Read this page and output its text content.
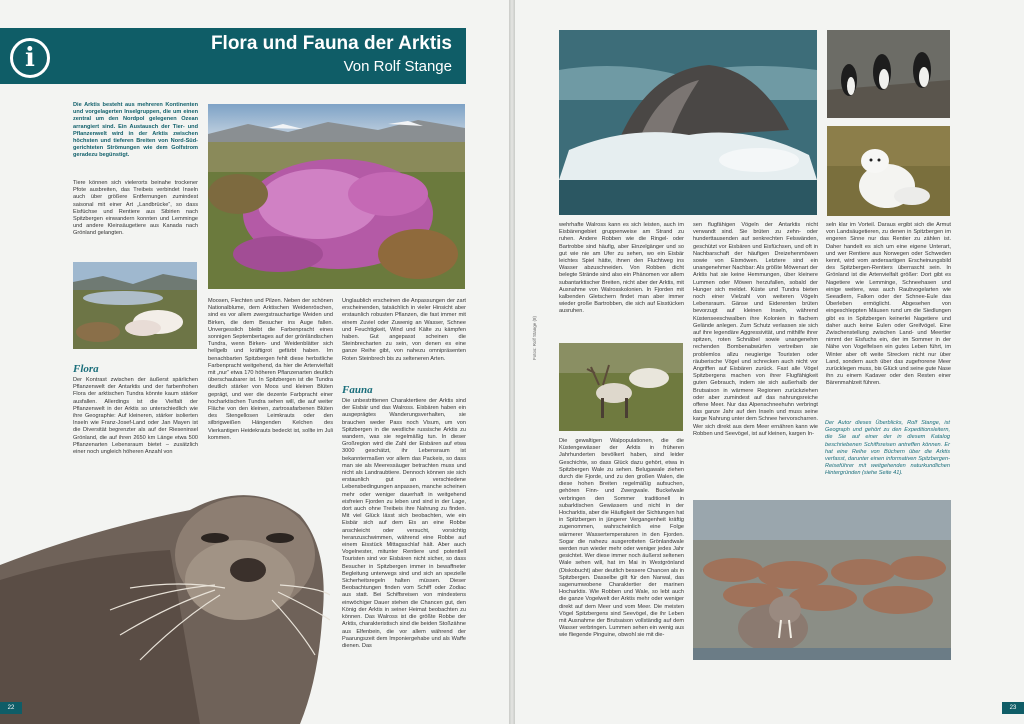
i	Flora und Fauna der Arktis
Von Rolf Stange
Die Arktis besteht aus mehreren Kontinenten und vorgelagerten Inselgruppen, die um einen zentral um den Nordpol gelegenen Ozean arrangiert sind. Ein Austausch der Tier- und Pflanzenwelt wird in der Arktis zwischen höchsten und tieferen Breiten von Nord-Süd-gerichteten Strömungen wie dem Golfstrom geradezu begünstigt.
Tiere können sich vielerorts beinahe trockener Pfote ausbreiten, das Treibeis verbindet Inseln auch über größere Entfernungen zumindest saisonal mit einer Art „Landbrücke“, so dass Eisfüchse und Rentiere aus Sibirien nach Spitzbergen einwandern konnten und Lemminge und andere Kleinsäugetiere aus Kanada nach Grönland gelangten.
Flora
Der Kontrast zwischen der äußerst spärlichen Pflanzenwelt der Antarktis und der farbenfrohen Flora der arktischen Tundra könnte kaum stärker ausfallen. Allerdings ist die Vielfalt der Pflanzenwelt in der Arktis so unterschiedlich wie ihre Geographie: Auf kleineren, stärker isolierten Inseln wie Franz-Josef-Land oder Jan Mayen ist die Diversität begrenzter als auf der Rieseninsel Grönland, die auf ihren 2650 km Länge etwa 500 Pflanzenarten Lebensraum bietet – zusätzlich einer noch ungleich höheren Anzahl von
Moosen, Flechten und Pilzen. Neben der schönen Nationalblume, dem Arktischen Weidenröschen, sind es vor allem zwergstrauchartige Weiden und Birken, die dem Besucher ins Auge fallen. Unvergesslich bleibt die Farbenpracht eines sonnigen Septembertages auf der grönländischen Tundra, wenn Birken- und Weidenblätter sich hellgelb und kräftigrot gefärbt haben. Im benachbarten Spitzbergen fehlt diese herbstliche Farbenpracht weitgehend, da hier die Artenvielfalt mit „nur“ etwa 170 höheren Pflanzenarten deutlich überschaubarer ist. In Spitzbergen ist die Tundra deutlich stärker von Moos und kleinen Blüten geprägt, und wer die dezente Farbpracht einer hocharktischen Tundra sehen will, die auf weiter Fläche von den kleinen, zartrosafarbenen Blüten des Stengellosen Leimkrauts oder den silbrigweißen Hängenden Kelchen des Vierkantigen Heidekrauts bedeckt ist, sollte im Juli kommen.
Unglaublich erscheinen die Anpassungen der zart erscheinenden, tatsächlich in vieler Hinsicht aber erstaunlich robusten Pflanzen, die fast immer mit einem Zuviel oder Zuwenig an Wasser, Schnee und Feuchtigkeit, Wind und Kälte zu kämpfen haben. Gut angepasst scheinen die Steinbrecharten zu sein, von denen es eine ganze Reihe gibt, von nahezu omnipräsenten Roten Steinbrech bis zu selteneren Arten.
Fauna
Die unbestrittenen Charaktertiere der Arktis sind der Eisbär und das Walross. Eisbären haben ein ausgeprägtes Wanderungsverhalten, sie brauchen weder Pass noch Visum, um von Spitzbergen in die westliche russische Arktis zu wandern, was sie regelmäßig tun. In dieser Großregion wird die Zahl der Eisbären auf etwa 3000 geschätzt, ihr Lebensraum ist bekanntermaßen vor allem das Packeis, so dass man sie als Meeressäuger betrachten muss und nicht als Landraubtiere. Dennoch können sie sich erstaunlich gut an verschiedene Lebensbedingungen anpassen, manche scheinen mehr oder weniger dauerhaft in weitgehend eisfreien Fjorden zu leben und sind in der Lage, dort auch ohne Treibeis ihre Nahrung zu finden. Mit viel Glück lässt sich beobachten, wie ein Eisbär sich auf dem Eis an eine Robbe anschleicht oder versucht, vorsichtig heranzuschwimmen, während eine Robbe auf einem Eisstück Mittagsschlaf hält. Aber auch Vogelnester, mitunter Rentiere und potentiell Touristen sind vor Eisbären nicht sicher, so dass Besucher in Spitzbergen immer in bewaffneter Begleitung unterwegs sind und sich an spezielle Sicherheitsregeln halten müssen. Dieser Beobachtungen finden vom Schiff oder Zodiac aus statt. Bei Schiffsreisen von mindestens einwöchiger Dauer stehen die Chancen gut, den König der Arktis in seiner Heimat beobachten zu können. Das Walross ist die größte Robbe der Arktis, charakteristisch sind die beiden Stoßzähne aus Elfenbein, die vor allem während der Paarungszeit dem Imponiergehabe und als Waffe dienen. Das
22
Fotos: Rolf Stange (8)
wehrhafte Walross kann es sich leisten, auch im Eisbärengebiet gruppenweise am Strand zu ruhen. Andere Robben wie die Ringel- oder Bartrobbe sind häufig, aber Einzelgänger und so gut wie nie am Ufer zu sehen, wo ein Eisbär leichtes Spiel hätte, ihnen den Fluchtweg ins Wasser abzuschneiden. Von Robben dicht belegte Strände sind also ein Phänomen vor allem subantarktischer Breiten, nicht aber der Arktis, mit Ausnahme von Walrosskolonien. In Fjorden mit kalbenden Gletschern findet man aber immer wieder große Bartrobben, die sich auf Eisstücken ausruhen.
Die gewaltigen Walpopulationen, die die Küstengewässer der Arktis in früheren Jahrhunderten bevölkert haben, sind leider Geschichte, so dass Glück dazu gehört, etwa in Spitzbergen Wale zu sehen. Belugawale ziehen durch die Fjorde, und zu den großen Walen, die diese hohen Breiten regelmäßig aufsuchen, gehören Finn- und Zwergwale. Buckelwale verbringen den Sommer traditionell in subarktischen Gewässern und nicht in der Hocharktis, aber die Häufigkeit der Sichtungen hat in Spitzbergen in jüngerer Vergangenheit kräftig zugenommen, wahrscheinlich eine Folge wärmerer Wassertemperaturen in den Fjorden. Sogar die nahezu ausgerotteten Grönlandwale werden nun wieder mehr oder weniger jedes Jahr gesichtet. Wer diese immer noch äußerst seltenen Wale sehen will, hat im Mai in Westgrönland (Diskobucht) aber deutlich bessere Chancen als in Spitzbergen. Dasselbe gilt für den Narwal, das sagenumwobene Charaktertier der marinen Hocharktis. Wie Robben und Wale, so lebt auch die ganze Vogelwelt der Arktis mehr oder weniger direkt auf dem Meer und vom Meer. Die meisten Vögel Spitzbergens sind Seevögel, die ihr Leben mit Ausnahme der Brutsaison vollständig auf dem Wasser verbringen. Lummen sehen ein wenig aus wie fliegende Pinguine, obwohl sie mit die-
sen flugfähigen Vögeln der Antarktis nicht verwandt sind. Sie brüten zu zehn- oder hunderttausenden auf senkrechten Felswänden, geschützt vor Eisbären und Eisfüchsen, und oft in Nachbarschaft der häufigen Dreizehenmöwen sowie von Eismöwen. Letztere sind ein unangenehmer Nachbar: Als größte Möwenart der Arktis hat sie keine Hemmungen, über kleinere Lummen oder Möwen herzufallen, sobald der Hunger sich meldet. Küste und Tundra bieten noch einer Vielzahl von weiteren Vögeln Lebensraum. Gänse und Eiderenten brüten bevorzugt auf kleinen Inseln, während Küstenseeschwalben ihre Kolonien in flachem Gelände anlegen. Zum Schutz verlassen sie sich auf ihre legendäre Aggressivität, und mithilfe ihrer spitzen, roten Schnäbel sowie unangenehm rechenden Bombenabwürfen vertreiben sie problemlos allzu neugierige Touristen oder räuberische Vögel und schrecken auch nicht vor Angriffen auf Eisbären zurück. Fast alle Vögel Spitzbergens machen von ihrer Flugfähigkeit guten Gebrauch, indem sie sich außerhalb der Brutsaison in wärmere Regionen zurückziehen oder aber zumindest auf das nahrungsreiche offene Meer. Nur das Alpenschneehuhn verbringt das ganze Jahr auf den Inseln und muss seine karge Nahrung unter dem Schnee hervorscharren. Wer sich direkt aus dem Meer ernähren kann wie Robben und Seevögel, ist auf kleinen, kargen In-
seln klar im Vorteil. Daraus ergibt sich die Armut von Landsäugetieren, zu denen in Spitzbergen im engeren Sinne nur das Rentier zu zählen ist. Daher handelt es sich um eine eigene Unterart, und wer Rentiere aus Norwegen oder Schweden kennt, wird vom andersartigen Erscheinungsbild des Spitzbergen-Rentiers überrascht sein. In Grönland ist die Artenvielfalt größer: Dort gibt es Nagetiere wie Lemminge, Schneehasen und einige weitere, was auch Raubvogelarten wie Seeadlern, Falken oder der Schnee-Eule das Überleben ermöglicht. Abgesehen von eingeschleppten Mäusen rund um die Siedlungen gibt es in Spitzbergen keinerlei Nagetiere und daher auch keine Eulen oder Greifvögel. Eine Zwischenstellung zwischen Land- und Meertier nimmt der Eisfuchs ein, der im Sommer in der Nähe von Vogelfelsen ein gutes Leben führt, im Winter aber oft weite Strecken nicht nur über Land, sondern auch über das zugefrorene Meer zurücklegen muss, bis Glück und seine gute Nase ihn zu einem Kadaver oder den Resten einer Bärenmahlzeit führen.
Der Autor dieses Überblicks, Rolf Stange, ist Geograph und gehört zu den Expeditionsleitern, die Sie auf einer der in diesem Katalog beschriebenen Schiffsreisen antreffen können. Er hat eine Reihe von Büchern über die Arktis verfasst, darunter einen informativen Spitzbergen-Reiseführer mit weitgehenden naturkundlichen Hintergründen (siehe Seite 41).
23
